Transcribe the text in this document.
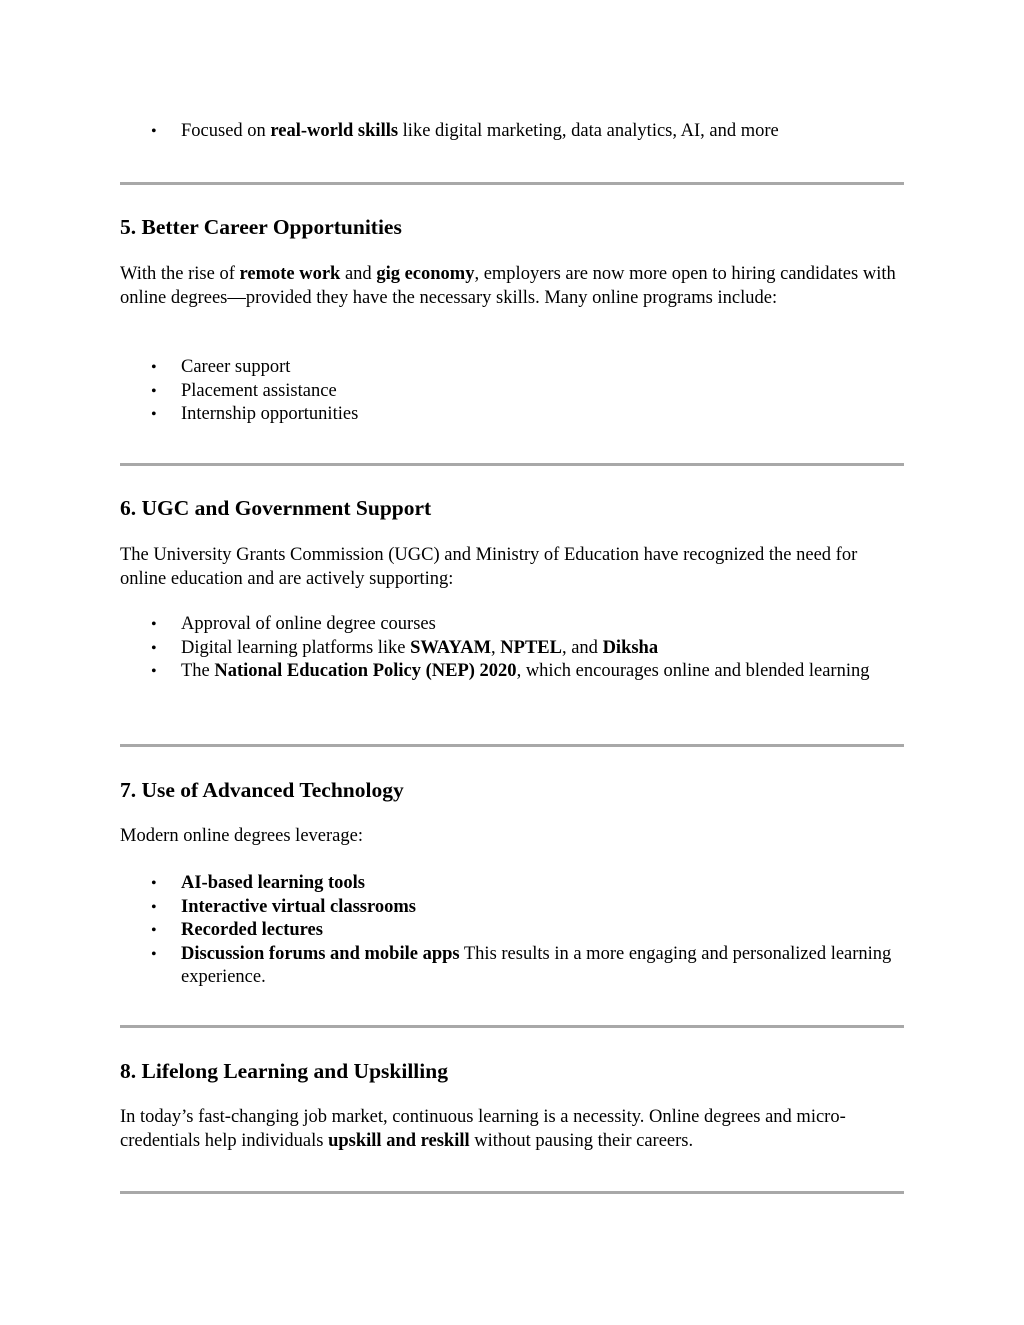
• Focused on real-world skills like digital marketing, data analytics, AI, and more
5. Better Career Opportunities

With the rise of remote work and gig economy, employers are now more open to hiring candidates with online degrees—provided they have the necessary skills. Many online programs include:

• Career support
• Placement assistance
• Internship opportunities
6. UGC and Government Support

The University Grants Commission (UGC) and Ministry of Education have recognized the need for online education and are actively supporting:

• Approval of online degree courses
• Digital learning platforms like SWAYAM, NPTEL, and Diksha
• The National Education Policy (NEP) 2020, which encourages online and blended learning
7. Use of Advanced Technology

Modern online degrees leverage:

• AI-based learning tools
• Interactive virtual classrooms
• Recorded lectures
• Discussion forums and mobile apps This results in a more engaging and personalized learning experience.
8. Lifelong Learning and Upskilling

In today’s fast-changing job market, continuous learning is a necessity. Online degrees and micro-credentials help individuals upskill and reskill without pausing their careers.
